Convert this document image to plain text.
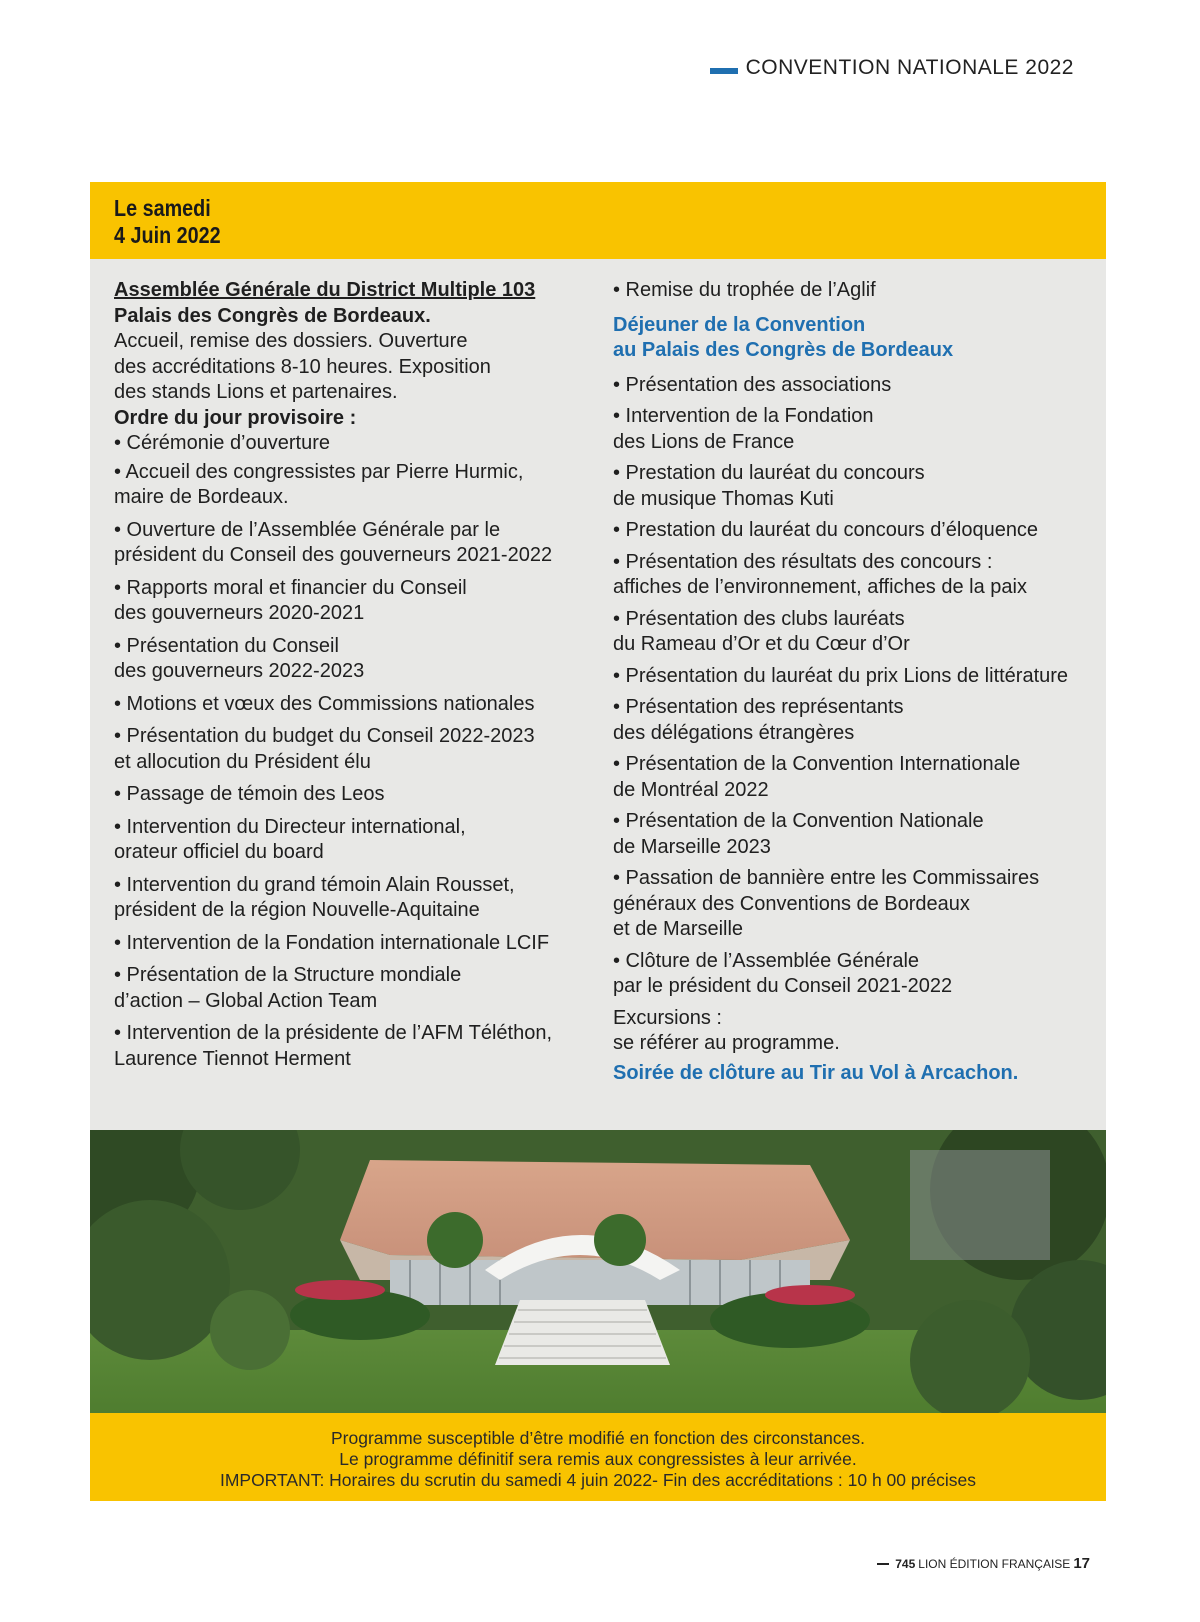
CONVENTION NATIONALE 2022
Le samedi
4 Juin 2022

Assemblée Générale du District Multiple 103

Palais des Congrès de Bordeaux.

Accueil, remise des dossiers. Ouverture

des accréditations 8-10 heures. Exposition

des stands Lions et partenaires.

Ordre du jour provisoire :

• Cérémonie d’ouverture

• Accueil des congressistes par Pierre Hurmic,

maire de Bordeaux.

• Ouverture de l’Assemblée Générale par le

président du Conseil des gouverneurs 2021-2022

• Rapports moral et financier du Conseil

des gouverneurs 2020-2021

• Présentation du Conseil

des gouverneurs 2022-2023

• Motions et vœux des Commissions nationales

• Présentation du budget du Conseil 2022-2023

et allocution du Président élu

• Passage de témoin des Leos

• Intervention du Directeur international,

orateur officiel du board

• Intervention du grand témoin Alain Rousset,

président de la région Nouvelle-Aquitaine

• Intervention de la Fondation internationale LCIF

• Présentation de la Structure mondiale

d’action – Global Action Team

• Intervention de la présidente de l’AFM Téléthon,

Laurence Tiennot Herment

• Remise du trophée de l’Aglif

Déjeuner de la Convention

au Palais des Congrès de Bordeaux

• Présentation des associations

• Intervention de la Fondation

des Lions de France

• Prestation du lauréat du concours

de musique Thomas Kuti

• Prestation du lauréat du concours d’éloquence

• Présentation des résultats des concours :

affiches de l’environnement, affiches de la paix

• Présentation des clubs lauréats

du Rameau d’Or et du Cœur d’Or

• Présentation du lauréat du prix Lions de littérature

• Présentation des représentants

des délégations étrangères

• Présentation de la Convention Internationale

de Montréal 2022

• Présentation de la Convention Nationale

de Marseille 2023

• Passation de bannière entre les Commissaires

généraux des Conventions de Bordeaux

et de Marseille

• Clôture de l’Assemblée Générale

par le président du Conseil 2021-2022

Excursions :

se référer au programme.

Soirée de clôture au Tir au Vol à Arcachon.

Programme susceptible d’être modifié en fonction des circonstances.
Le programme définitif sera remis aux congressistes à leur arrivée.
IMPORTANT: Horaires du scrutin du samedi 4 juin 2022- Fin des accréditations : 10 h 00 précises
745 LION ÉDITION FRANÇAISE 17
